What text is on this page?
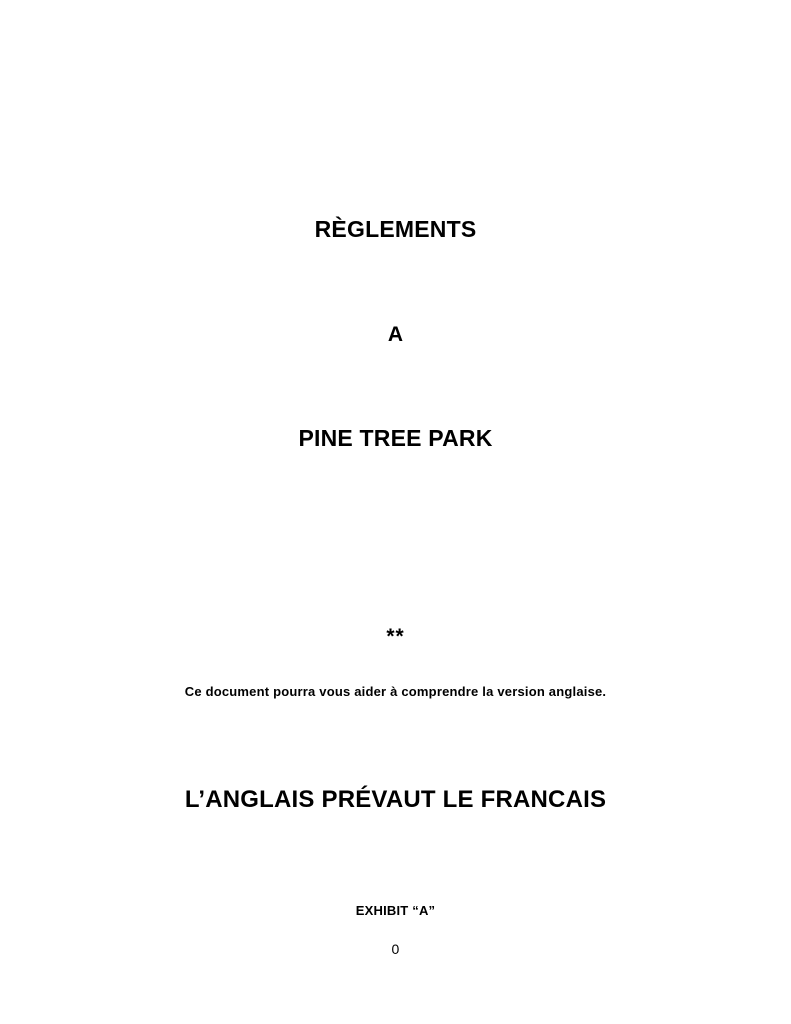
RÈGLEMENTS
A
PINE TREE PARK
**
Ce document pourra vous aider à comprendre la version anglaise.
L’ANGLAIS PRÉVAUT LE FRANCAIS
EXHIBIT “A”
0
